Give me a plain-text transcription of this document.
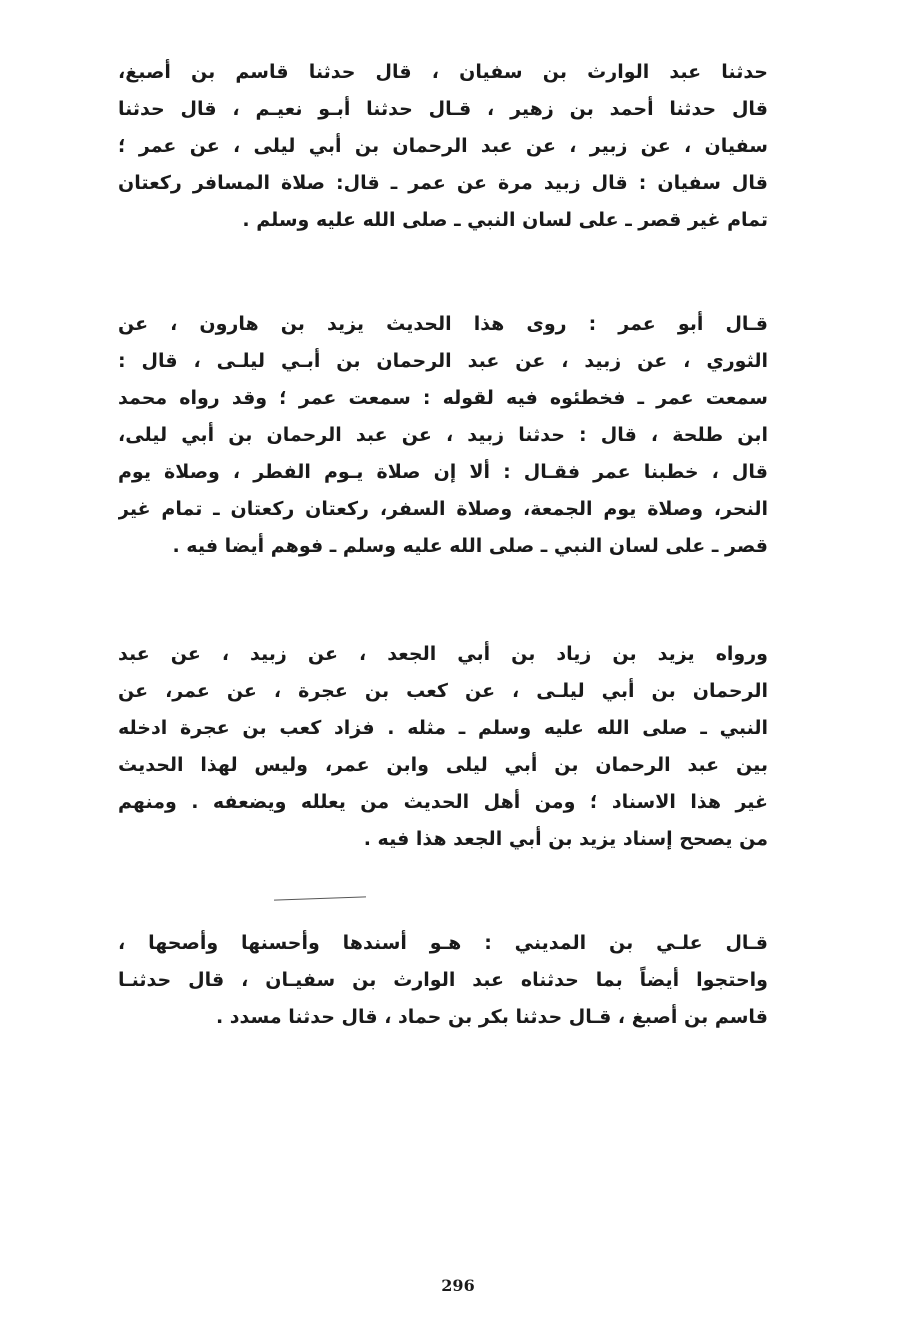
حدثنا عبد الوارث بن سفيان ، قال حدثنا قاسم بن أصبغ،
قال حدثنا أحمد بن زهير ، قـال حدثنا أبـو نعيـم ، قال حدثنا
سفيان ، عن زبير ، عن عبد الرحمان بن أبي ليلى ، عن عمر ؛
قال سفيان : قال زبيد مرة عن عمر ـ قال: صلاة المسافر ركعتان
تمام غير قصر ـ على لسان النبي ـ صلى الله عليه وسلم .
قـال أبو عمر : روى هذا الحديث يزيد بن هارون ، عن
الثوري ، عن زبيد ، عن عبد الرحمان بن أبـي ليلـى ، قال :
سمعت عمر ـ فخطئوه فيه لقوله : سمعت عمر ؛ وقد رواه محمد
ابن طلحة ، قال : حدثنا زبيد ، عن عبد الرحمان بن أبي ليلى،
قال ، خطبنا عمر فقـال : ألا إن صلاة يـوم الفطر ، وصلاة يوم
النحر، وصلاة يوم الجمعة، وصلاة السفر، ركعتان ركعتان ـ تمام غير
قصر ـ على لسان النبي ـ صلى الله عليه وسلم ـ فوهم أيضا فيه .
ورواه يزيد بن زياد بن أبي الجعد ، عن زبيد ، عن عبد
الرحمان بن أبي ليلـى ، عن كعب بن عجرة ، عن عمر، عن
النبي ـ صلى الله عليه وسلم ـ مثله . فزاد كعب بن عجرة ادخله
بين عبد الرحمان بن أبي ليلى وابن عمر، وليس لهذا الحديث
غير هذا الاسناد ؛ ومن أهل الحديث من يعلله ويضعفه . ومنهم
من يصحح إسناد يزيد بن أبي الجعد هذا فيه .
قـال علـي بن المديني : هـو أسندها وأحسنها وأصحها ،
واحتجوا أيضاً بما حدثناه عبد الوارث بن سفيـان ، قال حدثنـا
قاسم بن أصبغ ، قـال حدثنا بكر بن حماد ، قال حدثنا مسدد .
296
